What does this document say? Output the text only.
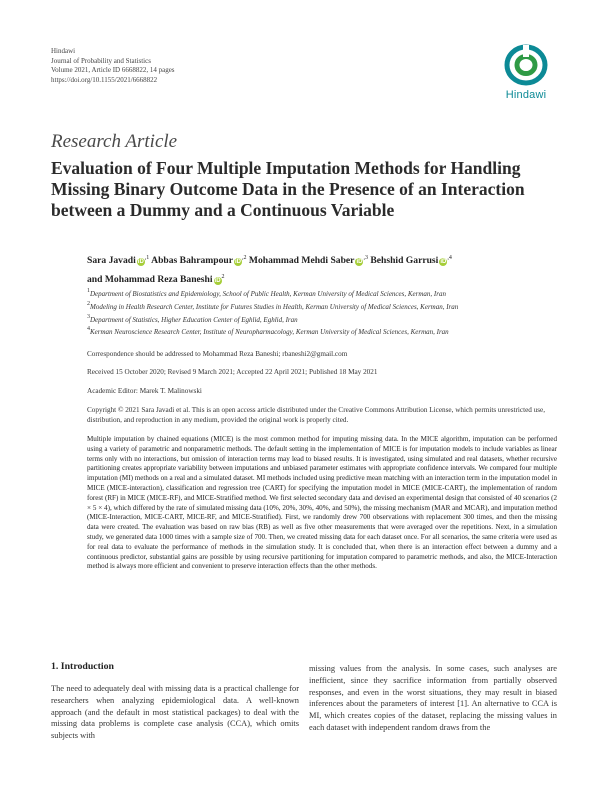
Hindawi
Journal of Probability and Statistics
Volume 2021, Article ID 6668822, 14 pages
https://doi.org/10.1155/2021/6668822
Hindawi
Research Article
Evaluation of Four Multiple Imputation Methods for Handling Missing Binary Outcome Data in the Presence of an Interaction between a Dummy and a Continuous Variable
Sara Javadi $iD^{,1}$ Abbas Bahrampour $iD^{,2}$ Mohammad Mehdi Saber $iD^{,3}$ Behshid Garrusi $iD^{,4}$
and Mohammad Reza Baneshi $iD^2$
1Department of Biostatistics and Epidemiology, School of Public Health, Kerman University of Medical Sciences, Kerman, Iran
2Modeling in Health Research Center, Institute for Futures Studies in Health, Kerman University of Medical Sciences, Kerman, Iran
3Department of Statistics, Higher Education Center of Eghlid, Eghlid, Iran
4Kerman Neuroscience Research Center, Institute of Neuropharmacology, Kerman University of Medical Sciences, Kerman, Iran
Correspondence should be addressed to Mohammad Reza Baneshi; rbaneshi2@gmail.com
Received 15 October 2020; Revised 9 March 2021; Accepted 22 April 2021; Published 18 May 2021
Academic Editor: Marek T. Malinowski
Copyright © 2021 Sara Javadi et al. This is an open access article distributed under the Creative Commons Attribution License, which permits unrestricted use, distribution, and reproduction in any medium, provided the original work is properly cited.
Multiple imputation by chained equations (MICE) is the most common method for imputing missing data. In the MICE algorithm, imputation can be performed using a variety of parametric and nonparametric methods. The default setting in the implementation of MICE is for imputation models to include variables as linear terms only with no interactions, but omission of interaction terms may lead to biased results. It is investigated, using simulated and real datasets, whether recursive partitioning creates appropriate variability between imputations and unbiased parameter estimates with appropriate confidence intervals. We compared four multiple imputation (MI) methods on a real and a simulated dataset. MI methods included using predictive mean matching with an interaction term in the imputation model in MICE (MICE-interaction), classification and regression tree (CART) for specifying the imputation model in MICE (MICE-CART), the implementation of random forest (RF) in MICE (MICE-RF), and MICE-Stratified method. We first selected secondary data and devised an experimental design that consisted of 40 scenarios (2 × 5 × 4), which differed by the rate of simulated missing data (10%, 20%, 30%, 40%, and 50%), the missing mechanism (MAR and MCAR), and imputation method (MICE-Interaction, MICE-CART, MICE-RF, and MICE-Stratified). First, we randomly drew 700 observations with replacement 300 times, and then the missing data were created. The evaluation was based on raw bias (RB) as well as five other measurements that were averaged over the repetitions. Next, in a simulation study, we generated data 1000 times with a sample size of 700. Then, we created missing data for each dataset once. For all scenarios, the same criteria were used as for real data to evaluate the performance of methods in the simulation study. It is concluded that, when there is an interaction effect between a dummy and a continuous predictor, substantial gains are possible by using recursive partitioning for imputation compared to parametric methods, and also, the MICE-Interaction method is always more efficient and convenient to preserve interaction effects than the other methods.
1. Introduction
The need to adequately deal with missing data is a practical challenge for researchers when analyzing epidemiological data. A well-known approach (and the default in most statistical packages) to deal with the missing data problems is complete case analysis (CCA), which omits subjects with
missing values from the analysis. In some cases, such analyses are inefficient, since they sacrifice information from partially observed responses, and even in the worst situations, they may result in biased inferences about the parameters of interest [1]. An alternative to CCA is MI, which creates copies of the dataset, replacing the missing values in each dataset with independent random draws from the
